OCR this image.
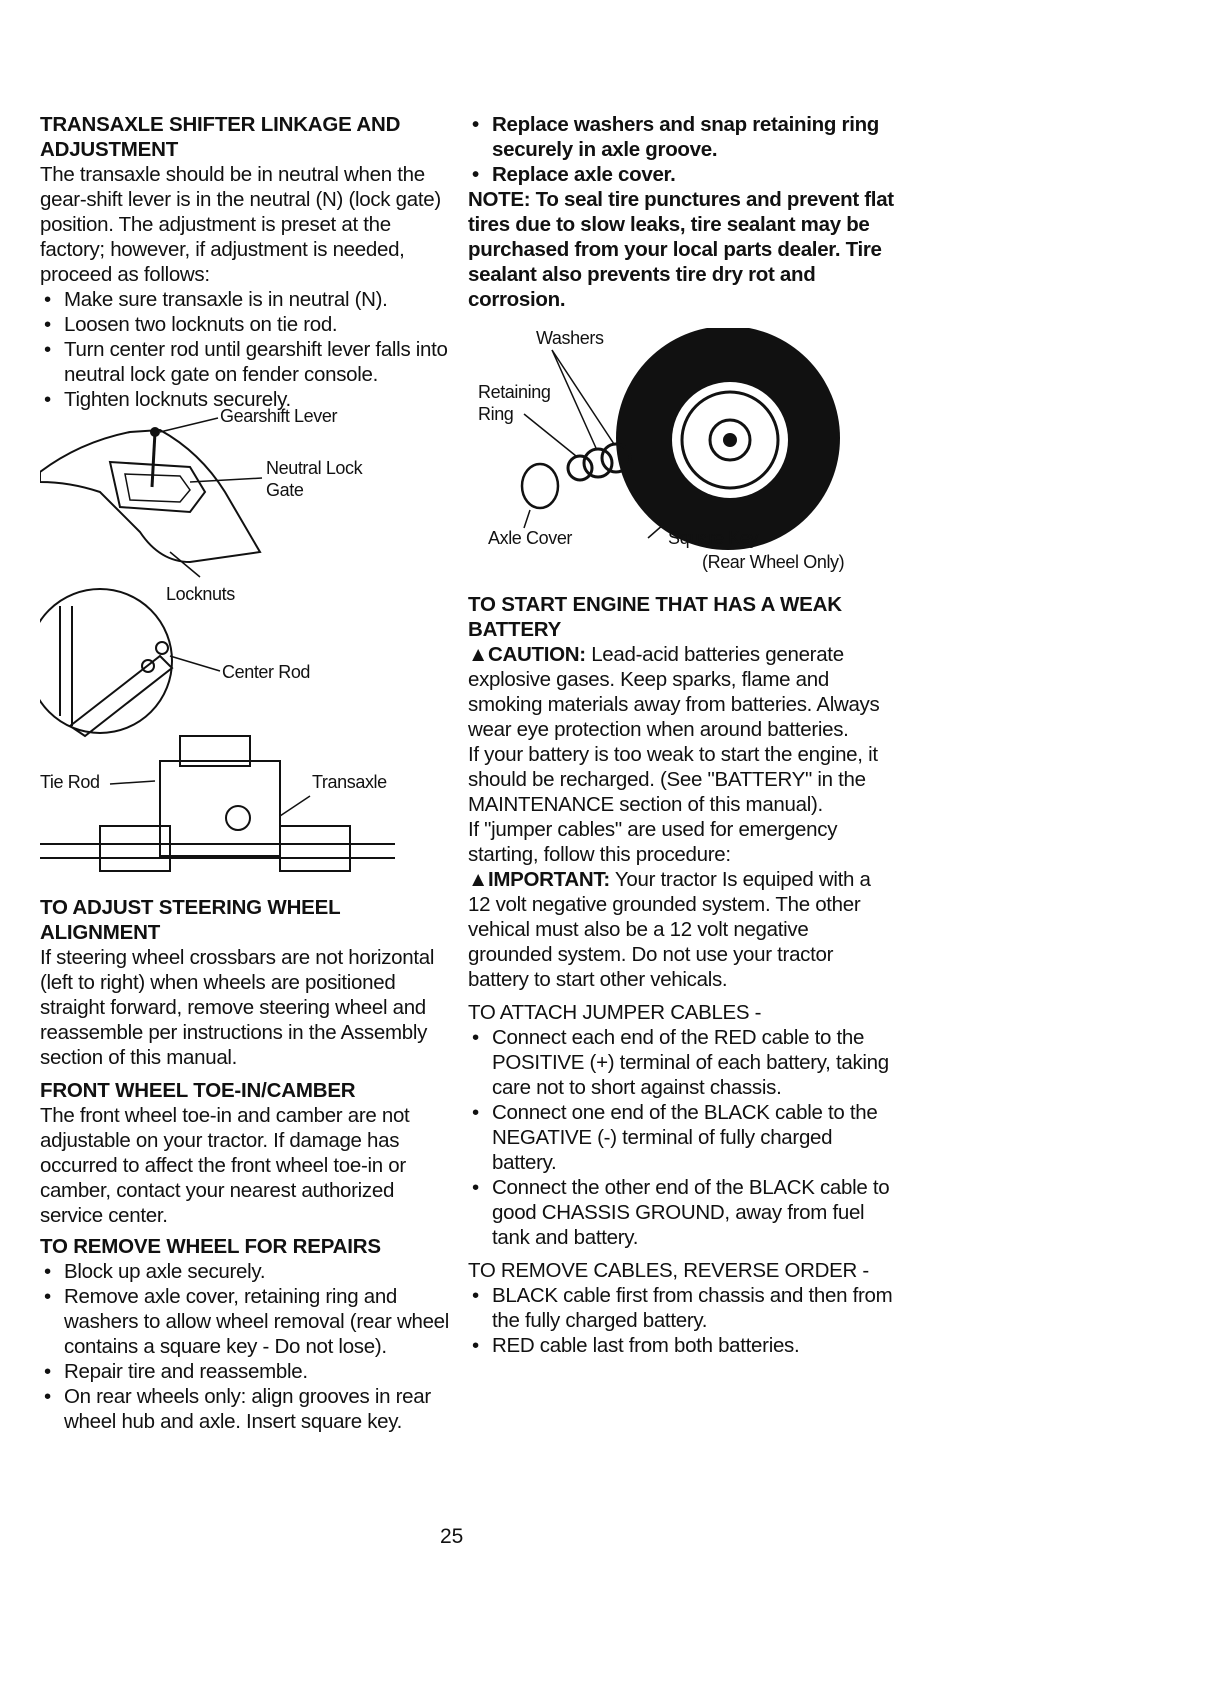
TRANSAXLE SHIFTER LINKAGE AND ADJUSTMENT

The transaxle should be in neutral when the gear-shift lever is in the neutral (N) (lock gate) position. The adjustment is preset at the factory; however, if adjustment is needed, proceed as follows:

• Make sure transaxle is in neutral (N).

• Loosen two locknuts on tie rod.

• Turn center rod until gearshift lever falls into neutral lock gate on fender console.

• Tighten locknuts securely.

Gearshift Lever
Neutral Lock
Gate
Locknuts
Center Rod
Tie Rod	Transaxle

TO ADJUST STEERING WHEEL ALIGNMENT

If steering wheel crossbars are not horizontal (left to right) when wheels are positioned straight forward, remove steering wheel and reassemble per instructions in the Assembly section of this manual.

FRONT WHEEL TOE-IN/CAMBER

The front wheel toe-in and camber are not adjustable on your tractor. If damage has occurred to affect the front wheel toe-in or camber, contact your nearest authorized service center.

TO REMOVE WHEEL FOR REPAIRS

• Block up axle securely.

• Remove axle cover, retaining ring and washers to allow wheel removal (rear wheel contains a square key - Do not lose).

• Repair tire and reassemble.

• On rear wheels only: align grooves in rear wheel hub and axle. Insert square key.

• Replace washers and snap retaining ring securely in axle groove.

• Replace axle cover.

NOTE: To seal tire punctures and prevent flat tires due to slow leaks, tire sealant may be purchased from your local parts dealer. Tire sealant also prevents tire dry rot and corrosion.

Washers
Retaining
Ring
Axle Cover	Square Key
(Rear Wheel Only)

TO START ENGINE THAT HAS A WEAK BATTERY

▲CAUTION: Lead-acid batteries generate explosive gases. Keep sparks, flame and smoking materials away from batteries. Always wear eye protection when around batteries.

If your battery is too weak to start the engine, it should be recharged. (See "BATTERY" in the MAINTENANCE section of this manual).

If "jumper cables" are used for emergency starting, follow this procedure:

▲IMPORTANT: Your tractor Is equiped with a 12 volt negative grounded system. The other vehical must also be a 12 volt negative grounded system. Do not use your tractor battery to start other vehicals.

TO ATTACH JUMPER CABLES -

• Connect each end of the RED cable to the POSITIVE (+) terminal of each battery, taking care not to short against chassis.

• Connect one end of the BLACK cable to the NEGATIVE (-) terminal of fully charged battery.

• Connect the other end of the BLACK cable to good CHASSIS GROUND, away from fuel tank and battery.

TO REMOVE CABLES, REVERSE ORDER -

• BLACK cable first from chassis and then from the fully charged battery.

• RED cable last from both batteries.

25
